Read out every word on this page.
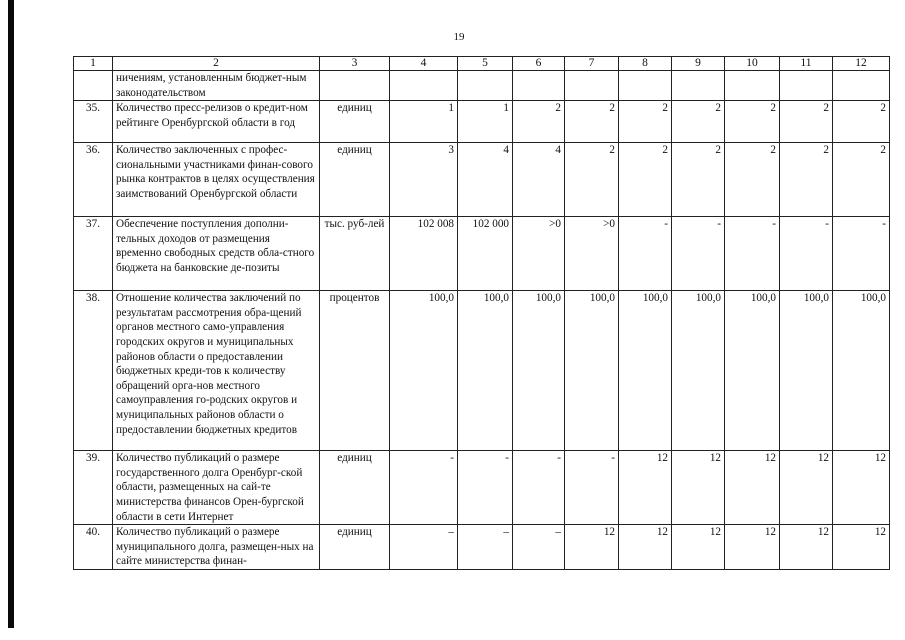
19
1	2	3	4	5	6	7	8	9	10	11	12
	ничениям, установленным бюджет-ным законодательством										
35.	Количество пресс-релизов о кредит-ном рейтинге Оренбургской области в год	единиц	1	1	2	2	2	2	2	2	2
36.	Количество заключенных с профес-сиональными участниками финан-сового рынка контрактов в целях осуществления заимствований Оренбургской области	единиц	3	4	4	2	2	2	2	2	2
37.	Обеспечение поступления дополни-тельных доходов от размещения временно свободных средств обла-стного бюджета на банковские де-позиты	тыс. руб-лей	102 008	102 000	>0	>0	-	-	-	-	-
38.	Отношение количества заключений по результатам рассмотрения обра-щений органов местного само-управления городских округов и муниципальных районов области о предоставлении бюджетных креди-тов к количеству обращений орга-нов местного самоуправления го-родских округов и муниципальных районов области о предоставлении бюджетных кредитов	процентов	100,0	100,0	100,0	100,0	100,0	100,0	100,0	100,0	100,0
39.	Количество публикаций о размере государственного долга Оренбург-ской области, размещенных на сай-те министерства финансов Орен-бургской области в сети Интернет	единиц	-	-	-	-	12	12	12	12	12
40.	Количество публикаций о размере муниципального долга, размещен-ных на сайте министерства финан-	единиц	–	–	–	12	12	12	12	12	12
